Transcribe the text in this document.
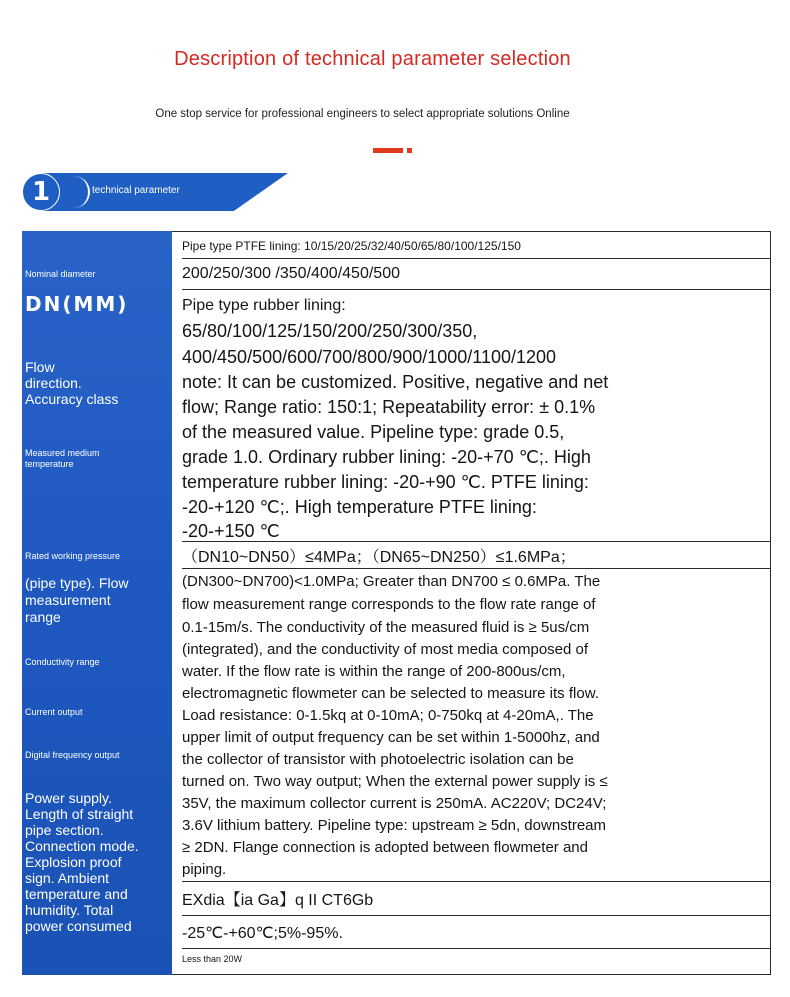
Description of technical parameter selection
One stop service for professional engineers to select appropriate solutions Online
1	technical parameter
Nominal diameter
DN(MM)
Flow
direction.
Accuracy class
Measured medium
temperature
Rated working pressure
(pipe type). Flow
measurement
range
Conductivity range
Current output
Digital frequency output
Power supply.
Length of straight
pipe section.
Connection mode.
Explosion proof
sign. Ambient
temperature and
humidity. Total
power consumed
Pipe type PTFE lining: 10/15/20/25/32/40/50/65/80/100/125/150
200/250/300 /350/400/450/500
Pipe type rubber lining:
65/80/100/125/150/200/250/300/350,
400/450/500/600/700/800/900/1000/1100/1200
note: It can be customized. Positive, negative and net
flow; Range ratio: 150:1; Repeatability error: ± 0.1%
of the measured value. Pipeline type: grade 0.5,
grade 1.0. Ordinary rubber lining: -20-+70 ℃;. High
temperature rubber lining: -20-+90 ℃. PTFE lining:
-20-+120 ℃;. High temperature PTFE lining:
-20-+150 ℃
（DN10~DN50）≤4MPa；（DN65~DN250）≤1.6MPa；
(DN300~DN700)<1.0MPa; Greater than DN700 ≤ 0.6MPa. The
flow measurement range corresponds to the flow rate range of
0.1-15m/s. The conductivity of the measured fluid is ≥ 5us/cm
(integrated), and the conductivity of most media composed of
water. If the flow rate is within the range of 200-800us/cm,
electromagnetic flowmeter can be selected to measure its flow.
Load resistance: 0-1.5kq at 0-10mA; 0-750kq at 4-20mA,. The
upper limit of output frequency can be set within 1-5000hz, and
the collector of transistor with photoelectric isolation can be
turned on. Two way output; When the external power supply is ≤
35V, the maximum collector current is 250mA. AC220V; DC24V;
3.6V lithium battery. Pipeline type: upstream ≥ 5dn, downstream
≥ 2DN. Flange connection is adopted between flowmeter and
piping.
EXdia【ia Ga】q II CT6Gb
-25℃-+60℃;5%-95%.
Less than 20W
